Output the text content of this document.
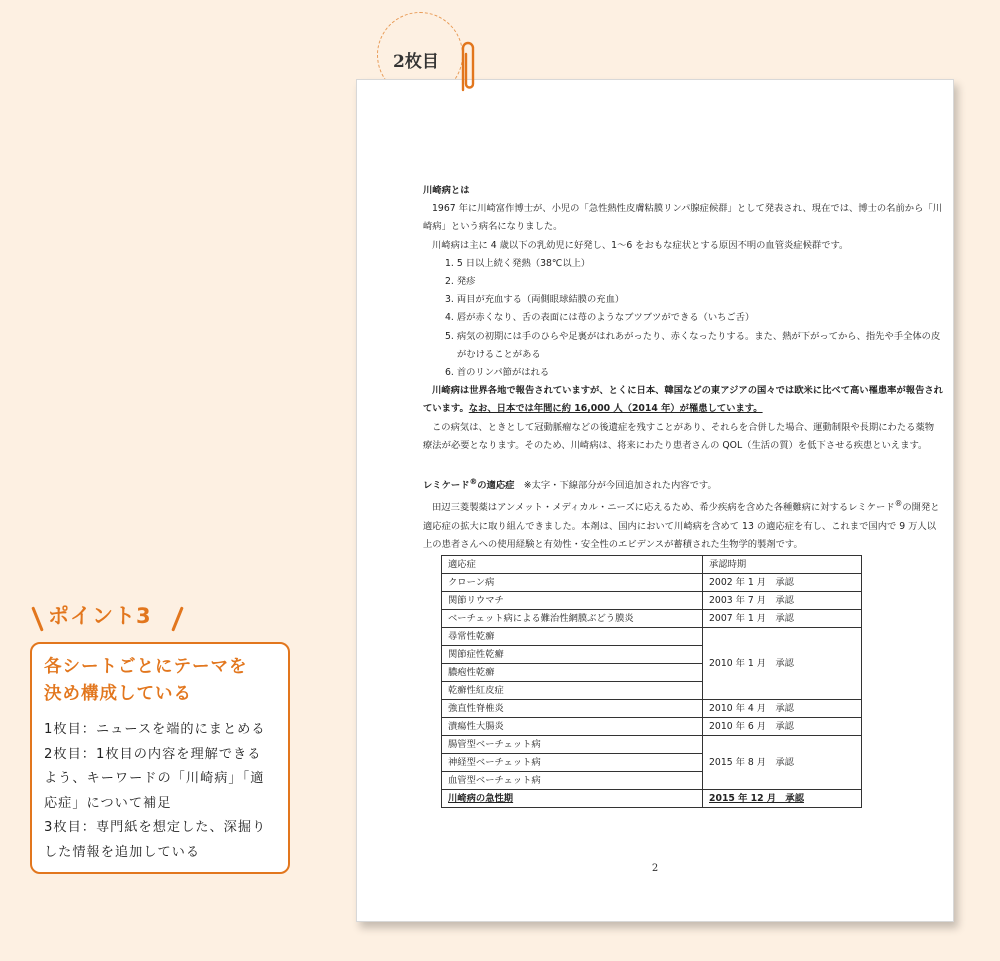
川崎病とは

1967 年に川崎富作博士が、小児の「急性熱性皮膚粘膜リンパ腺症候群」として発表され、現在では、博士の名前から「川崎病」という病名になりました。

川崎病は主に 4 歳以下の乳幼児に好発し、1～6 をおもな症状とする原因不明の血管炎症候群です。

1. 5 日以上続く発熱（38℃以上）
2. 発疹
3. 両目が充血する（両側眼球結膜の充血）
4. 唇が赤くなり、舌の表面には苺のようなブツブツができる（いちご舌）
5. 病気の初期には手のひらや足裏がはれあがったり、赤くなったりする。また、熱が下がってから、指先や手全体の皮がむけることがある
6. 首のリンパ節がはれる

川崎病は世界各地で報告されていますが、とくに日本、韓国などの東アジアの国々では欧米に比べて高い罹患率が報告されています。なお、日本では年間に約 16,000 人（2014 年）が罹患しています。

この病気は、ときとして冠動脈瘤などの後遺症を残すことがあり、それらを合併した場合、運動制限や長期にわたる薬物療法が必要となります。そのため、川崎病は、将来にわたり患者さんの QOL（生活の質）を低下させる疾患といえます。

レミケード®の適応症　 ※太字・下線部分が今回追加された内容です。

田辺三菱製薬はアンメット・メディカル・ニーズに応えるため、希少疾病を含めた各種難病に対するレミケード®の開発と適応症の拡大に取り組んできました。本剤は、国内において川崎病を含めて 13 の適応症を有し、これまで国内で 9 万人以上の患者さんへの使用経験と有効性・安全性のエビデンスが蓄積された生物学的製剤です。

適応症	承認時期
クローン病	2002 年 1 月　承認
関節リウマチ	2003 年 7 月　承認
ベーチェット病による難治性網膜ぶどう膜炎	2007 年 1 月　承認
尋常性乾癬	2010 年 1 月　承認
関節症性乾癬	
膿疱性乾癬	
乾癬性紅皮症	
強直性脊椎炎	2010 年 4 月　承認
潰瘍性大腸炎	2010 年 6 月　承認
腸管型ベーチェット病	2015 年 8 月　承認
神経型ベーチェット病	
血管型ベーチェット病	
川崎病の急性期	2015 年 12 月　承認
2
2枚目
ポイント3
各シートごとにテーマを
決め構成している

1枚目：ニュースを端的にまとめる

2枚目：1枚目の内容を理解できる

よう、キーワードの「川崎病」「適

応症」について補足

3枚目：専門紙を想定した、深掘り

した情報を追加している
